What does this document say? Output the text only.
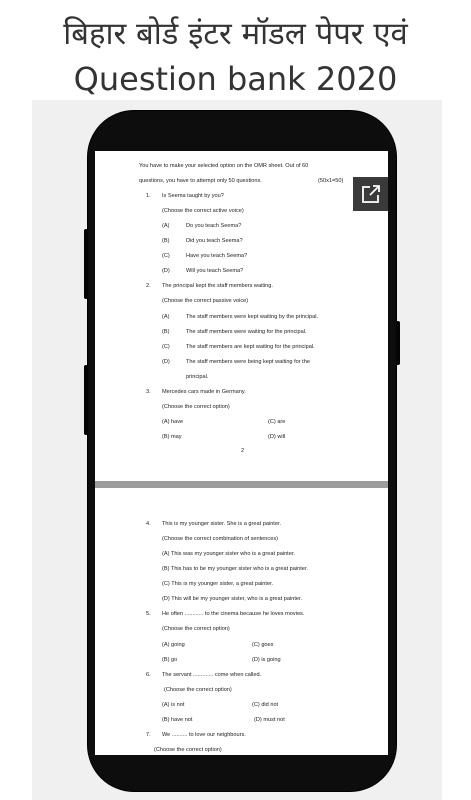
बिहार बोर्ड इंटर मॉडल पेपर एवं
Question bank 2020
You have to make your selected option on the OMR sheet. Out of 60
questions, you have to attempt only 50 questions.	(50x1=50)
1. Is Seema taught by you?
(Choose the correct active voice)
(A)	Do you teach Seema?
(B)	Did you teach Seema?
(C)	Have you teach Seema?
(D)	Will you teach Seema?
2. The principal kept the staff members waiting.
(Choose the correct passive voice)
(A)	The staff members were kept waiting by the principal.
(B)	The staff members were waiting for the principal.
(C)	The staff members are kept waiting for the principal.
(D)	The staff members were being kept waiting for the
principal.
3. Mercedes cars made in Germany.
(Choose the correct option)
(A) have	(C) are
(B) may	(D) will
2
4. This is my younger sister. She is a great painter.
(Choose the correct combination of sentences)
(A) This was my younger sister who is a great painter.
(B) This has to be my younger sister who is a great painter.
(C) This is my younger sister, a great painter.
(D) This will be my younger sister, who is a great painter.
5. He often ............ to the cinema because he loves movies.
(Choose the correct option)
(A) going	(C) goes
(B) go	(D) is going
6. The servant ............. come when called.
(Choose the correct option)
(A) is not	(C) did not
(B) have not	(D) must not
7. We .......... to love our neighbours.
(Choose the correct option)
